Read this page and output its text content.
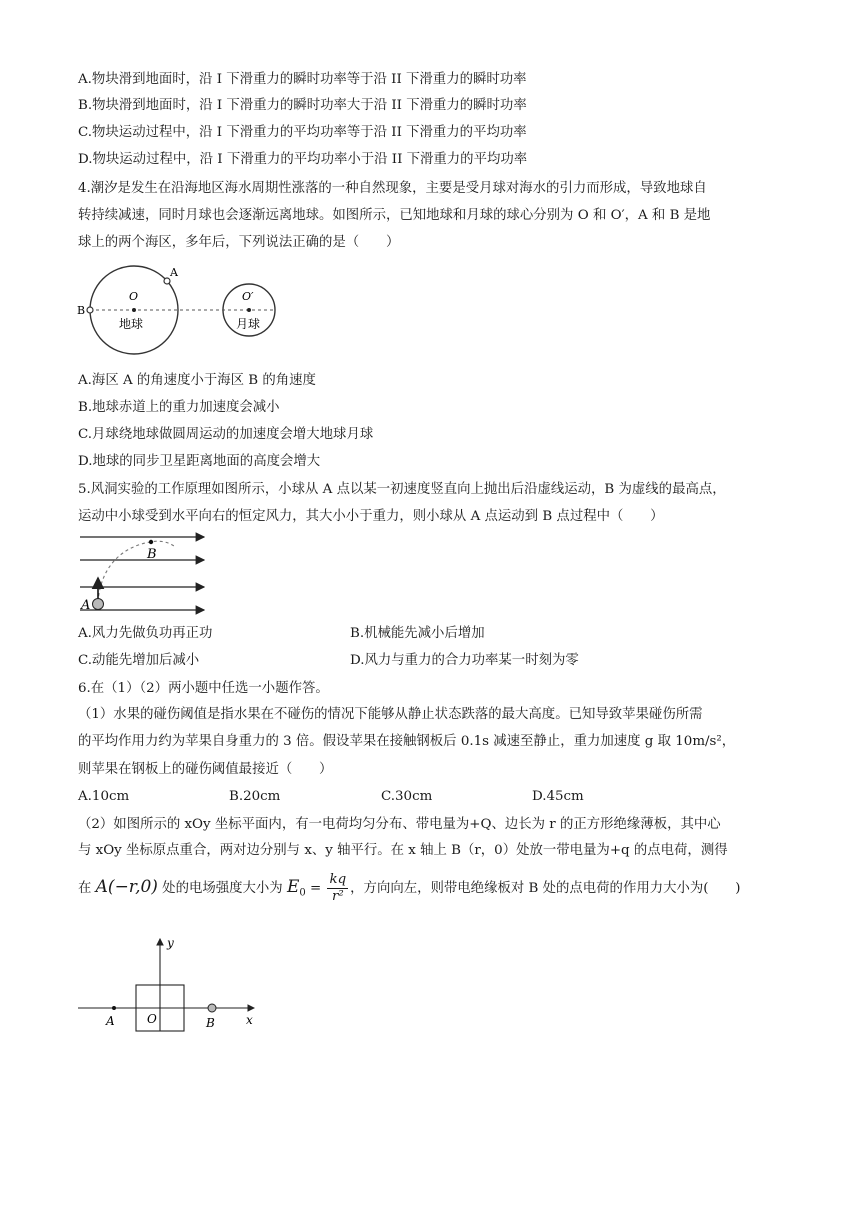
A.物块滑到地面时，沿 I 下滑重力的瞬时功率等于沿 II 下滑重力的瞬时功率
B.物块滑到地面时，沿 I 下滑重力的瞬时功率大于沿 II 下滑重力的瞬时功率
C.物块运动过程中，沿 I 下滑重力的平均功率等于沿 II 下滑重力的平均功率
D.物块运动过程中，沿 I 下滑重力的平均功率小于沿 II 下滑重力的平均功率
4.潮汐是发生在沿海地区海水周期性涨落的一种自然现象，主要是受月球对海水的引力而形成，导致地球自
转持续减速，同时月球也会逐渐远离地球。如图所示，已知地球和月球的球心分别为 O 和 O′，A 和 B 是地
球上的两个海区，多年后，下列说法正确的是（　　）
A
B
O	O′
地球	月球
A.海区 A 的角速度小于海区 B 的角速度
B.地球赤道上的重力加速度会减小
C.月球绕地球做圆周运动的加速度会增大地球月球
D.地球的同步卫星距离地面的高度会增大
5.风洞实验的工作原理如图所示，小球从 A 点以某一初速度竖直向上抛出后沿虚线运动，B 为虚线的最高点，
运动中小球受到水平向右的恒定风力，其大小小于重力，则小球从 A 点运动到 B 点过程中（　　）
B
A
A.风力先做负功再正功	B.机械能先减小后增加
C.动能先增加后减小	D.风力与重力的合力功率某一时刻为零
6.在（1）（2）两小题中任选一小题作答。
（1）水果的碰伤阈值是指水果在不碰伤的情况下能够从静止状态跌落的最大高度。已知导致苹果碰伤所需
的平均作用力约为苹果自身重力的 3 倍。假设苹果在接触钢板后 0.1s 减速至静止，重力加速度 g 取 10m/s²，
则苹果在钢板上的碰伤阈值最接近（　　）
A.10cm	B.20cm	C.30cm	D.45cm
（2）如图所示的 xOy 坐标平面内，有一电荷均匀分布、带电量为+Q、边长为 r 的正方形绝缘薄板，其中心
与 xOy 坐标原点重合，两对边分别与 x、y 轴平行。在 x 轴上 B（r，0）处放一带电量为+q 的点电荷，测得
在 A(−r,0) 处的电场强度大小为 $E_0 = \frac{kq}{\text{r²}}$ ，方向向左，则带电绝缘板对 B 处的点电荷的作用力大小为(　　)
y
x
A	O	B
